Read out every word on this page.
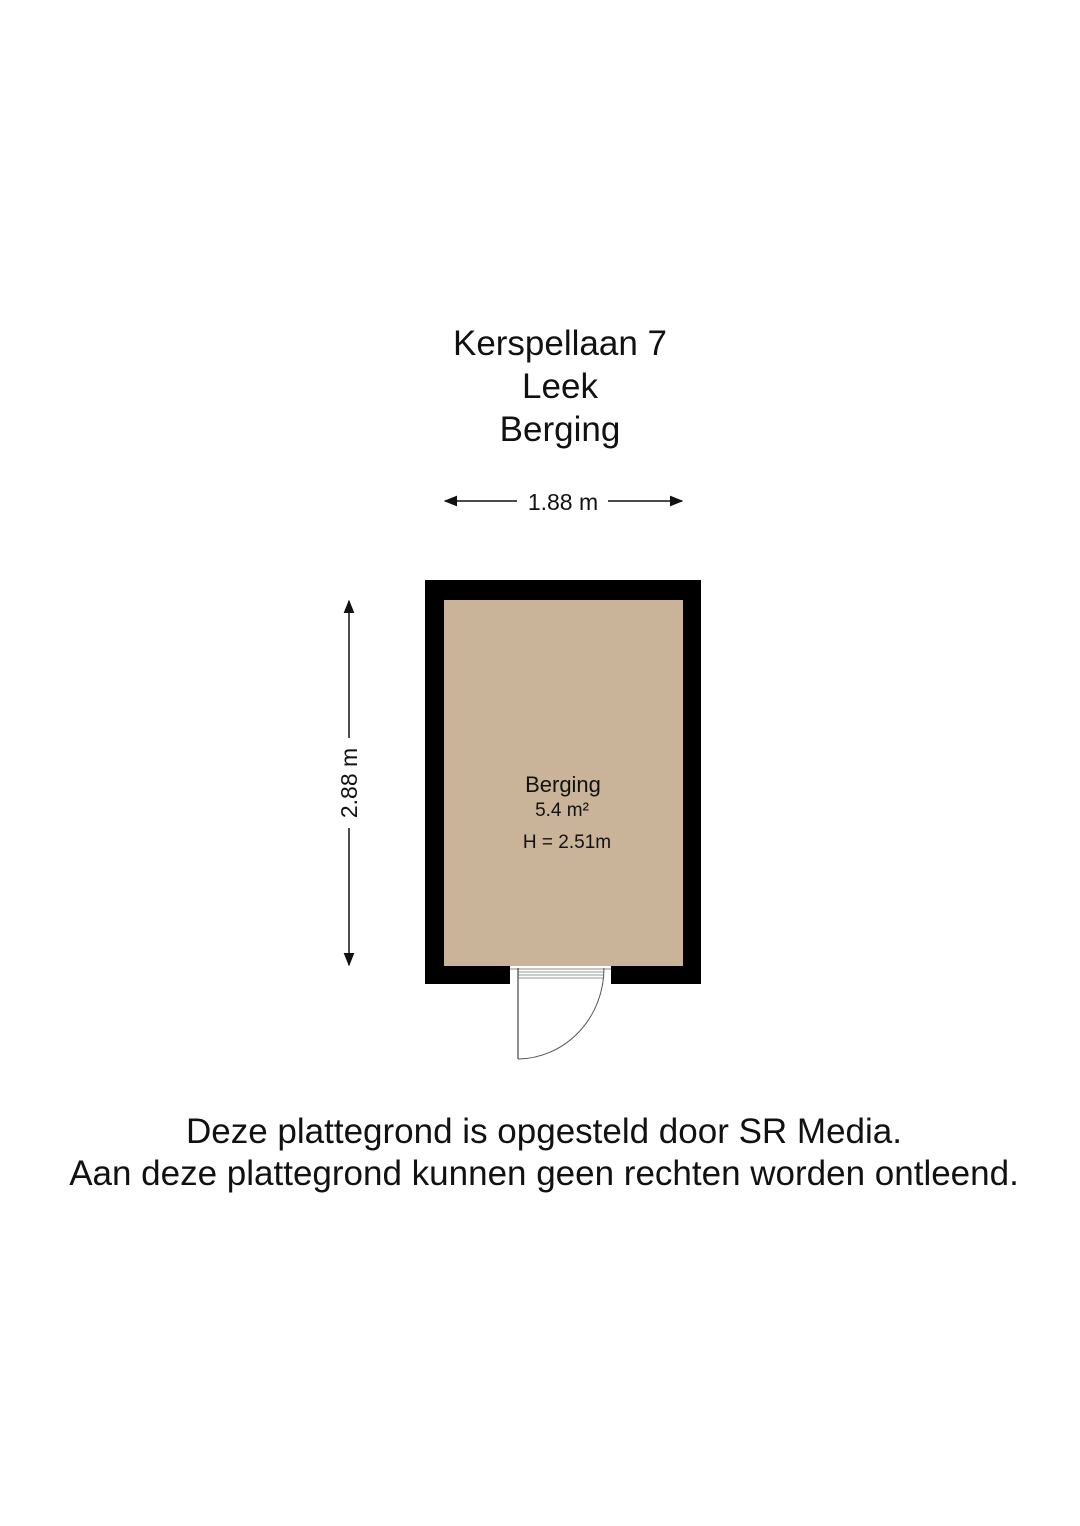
Kerspellaan 7
Leek
Berging
1.88 m
2.88 m	Berging
5.4 m²
H = 2.51m
Deze plattegrond is opgesteld door SR Media.
Aan deze plattegrond kunnen geen rechten worden ontleend.
